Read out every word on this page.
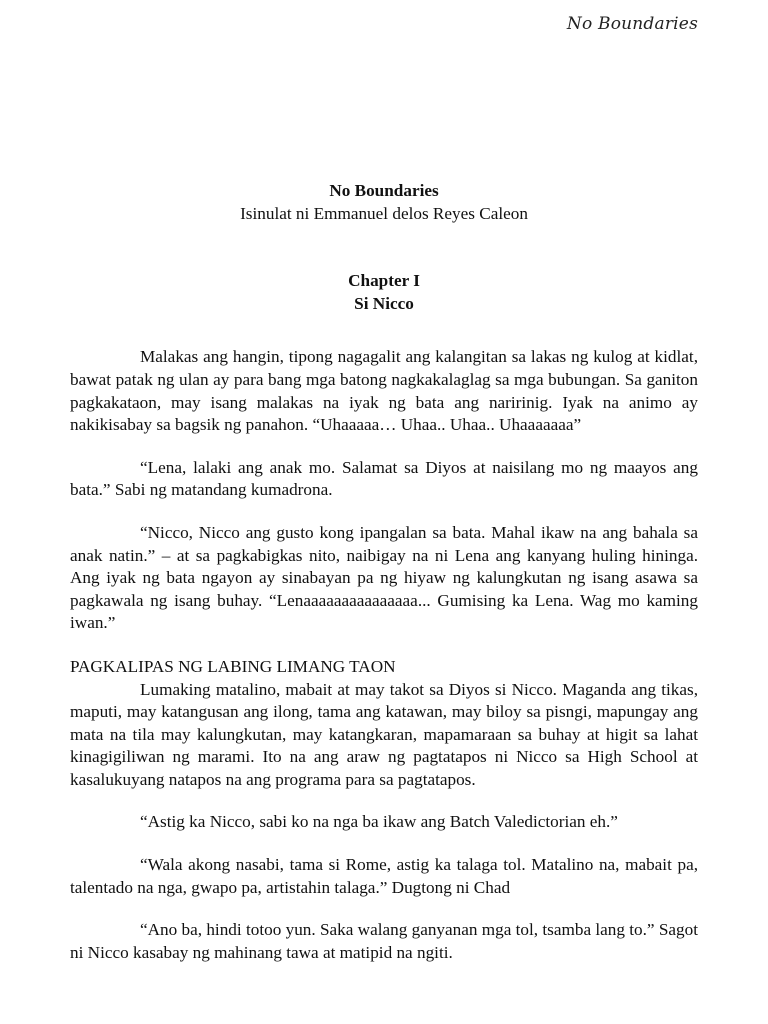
No Boundaries

No Boundaries

Isinulat ni Emmanuel delos Reyes Caleon

Chapter I

Si Nicco

Malakas ang hangin, tipong nagagalit ang kalangitan sa lakas ng kulog at kidlat, bawat patak ng ulan ay para bang mga batong nagkakalaglag sa mga bubungan. Sa ganiton pagkakataon, may isang malakas na iyak ng bata ang naririnig. Iyak na animo ay nakikisabay sa bagsik ng panahon. “Uhaaaaa… Uhaa.. Uhaa.. Uhaaaaaaa”

“Lena, lalaki ang anak mo. Salamat sa Diyos at naisilang mo ng maayos ang bata.” Sabi ng matandang kumadrona.

“Nicco, Nicco ang gusto kong ipangalan sa bata. Mahal ikaw na ang bahala sa anak natin.” – at sa pagkabigkas nito, naibigay na ni Lena ang kanyang huling hininga. Ang iyak ng bata ngayon ay sinabayan pa ng hiyaw ng kalungkutan ng isang asawa sa pagkawala ng isang buhay. “Lenaaaaaaaaaaaaaaa... Gumising ka Lena. Wag mo kaming iwan.”

PAGKALIPAS NG LABING LIMANG TAON

Lumaking matalino, mabait at may takot sa Diyos si Nicco. Maganda ang tikas, maputi, may katangusan ang ilong, tama ang katawan, may biloy sa pisngi, mapungay ang mata na tila may kalungkutan, may katangkaran, mapamaraan sa buhay at higit sa lahat kinagigiliwan ng marami. Ito na ang araw ng pagtatapos ni Nicco sa High School at kasalukuyang natapos na ang programa para sa pagtatapos.

“Astig ka Nicco, sabi ko na nga ba ikaw ang Batch Valedictorian eh.”

“Wala akong nasabi, tama si Rome, astig ka talaga tol. Matalino na, mabait pa, talentado na nga, gwapo pa, artistahin talaga.” Dugtong ni Chad

“Ano ba, hindi totoo yun. Saka walang ganyanan mga tol, tsamba lang to.” Sagot ni Nicco kasabay ng mahinang tawa at matipid na ngiti.
